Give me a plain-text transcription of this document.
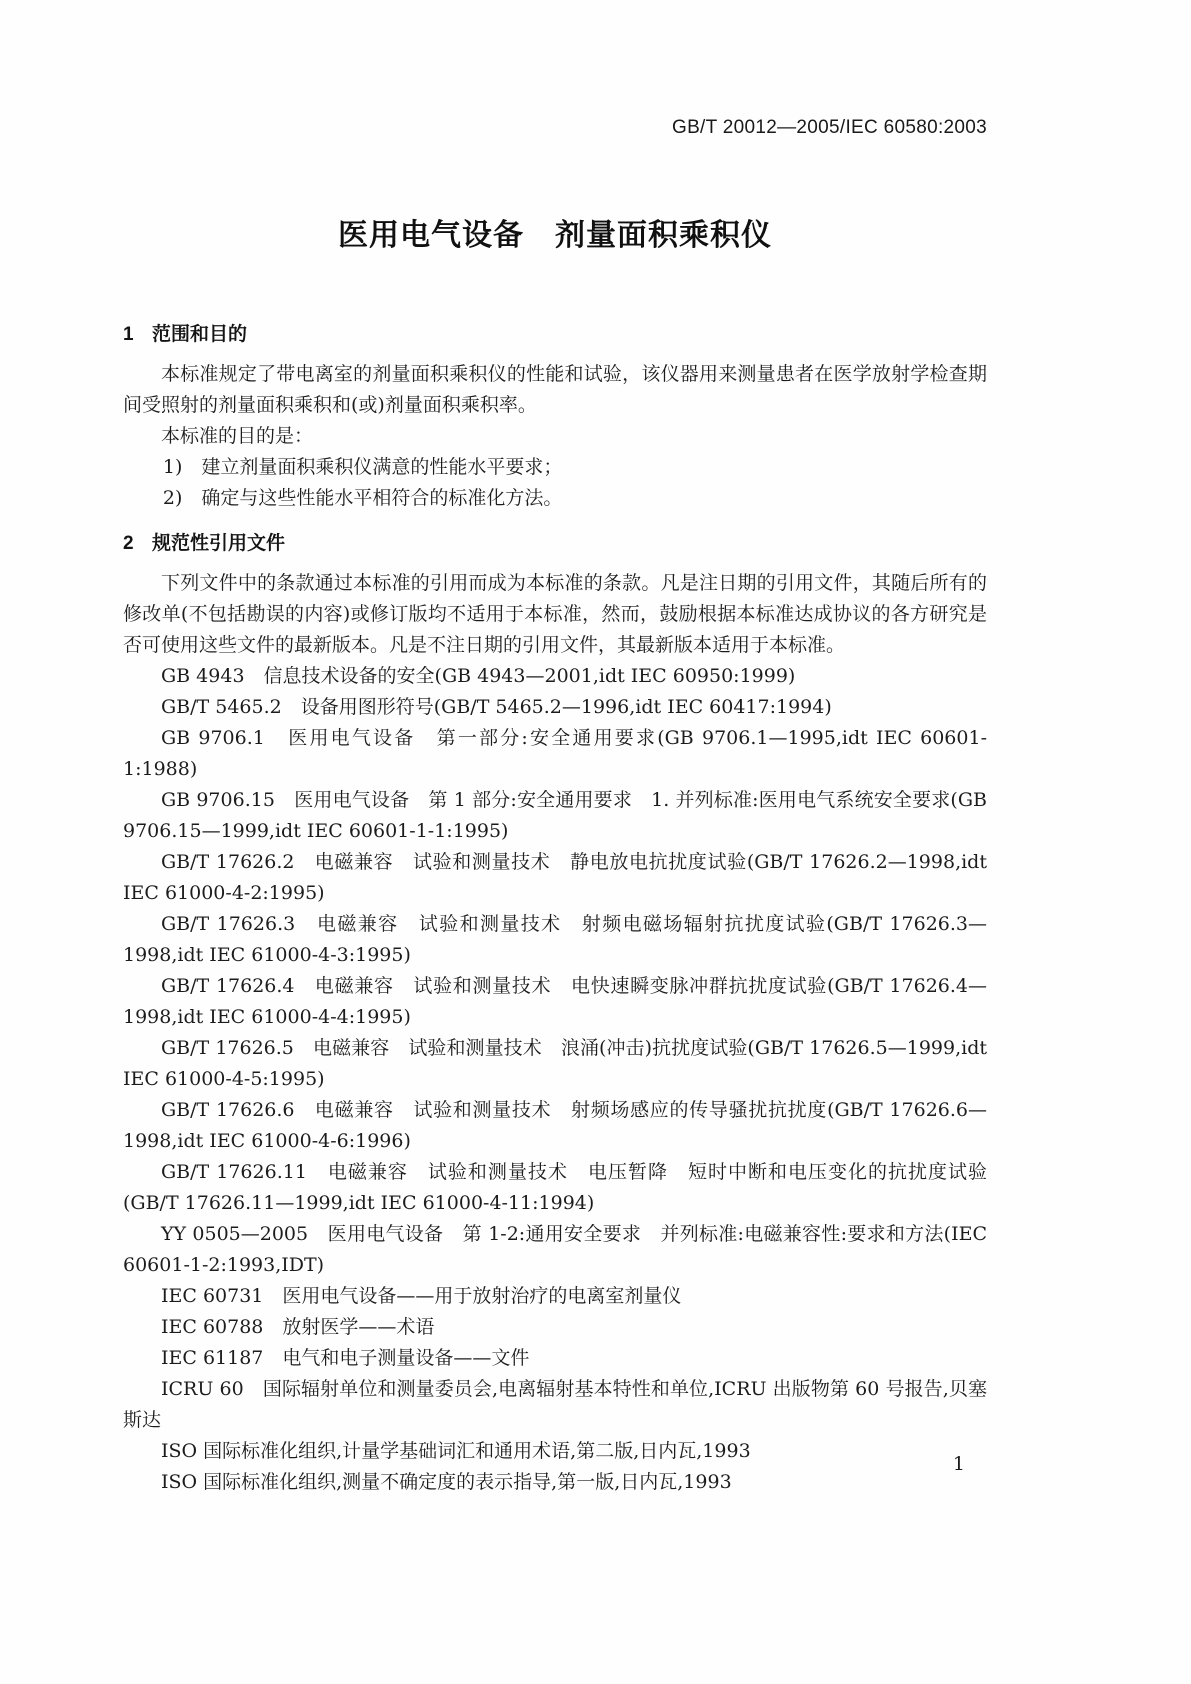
GB/T 20012—2005/IEC 60580:2003
医用电气设备　剂量面积乘积仪
1 范围和目的

本标准规定了带电离室的剂量面积乘积仪的性能和试验，该仪器用来测量患者在医学放射学检查期间受照射的剂量面积乘积和(或)剂量面积乘积率。

本标准的目的是：

1)　建立剂量面积乘积仪满意的性能水平要求；

2)　确定与这些性能水平相符合的标准化方法。

2 规范性引用文件

下列文件中的条款通过本标准的引用而成为本标准的条款。凡是注日期的引用文件，其随后所有的修改单(不包括勘误的内容)或修订版均不适用于本标准，然而，鼓励根据本标准达成协议的各方研究是否可使用这些文件的最新版本。凡是不注日期的引用文件，其最新版本适用于本标准。

GB 4943　信息技术设备的安全(GB 4943—2001,idt IEC 60950:1999)

GB/T 5465.2　设备用图形符号(GB/T 5465.2—1996,idt IEC 60417:1994)

GB 9706.1　医用电气设备　第一部分:安全通用要求(GB 9706.1—1995,idt IEC 60601-1:1988)

GB 9706.15　医用电气设备　第 1 部分:安全通用要求　1. 并列标准:医用电气系统安全要求(GB 9706.15—1999,idt IEC 60601-1-1:1995)

GB/T 17626.2　电磁兼容　试验和测量技术　静电放电抗扰度试验(GB/T 17626.2—1998,idt IEC 61000-4-2:1995)

GB/T 17626.3　电磁兼容　试验和测量技术　射频电磁场辐射抗扰度试验(GB/T 17626.3—1998,idt IEC 61000-4-3:1995)

GB/T 17626.4　电磁兼容　试验和测量技术　电快速瞬变脉冲群抗扰度试验(GB/T 17626.4—1998,idt IEC 61000-4-4:1995)

GB/T 17626.5　电磁兼容　试验和测量技术　浪涌(冲击)抗扰度试验(GB/T 17626.5—1999,idt IEC 61000-4-5:1995)

GB/T 17626.6　电磁兼容　试验和测量技术　射频场感应的传导骚扰抗扰度(GB/T 17626.6—1998,idt IEC 61000-4-6:1996)

GB/T 17626.11　电磁兼容　试验和测量技术　电压暂降　短时中断和电压变化的抗扰度试验(GB/T 17626.11—1999,idt IEC 61000-4-11:1994)

YY 0505—2005　医用电气设备　第 1-2:通用安全要求　并列标准:电磁兼容性:要求和方法(IEC 60601-1-2:1993,IDT)

IEC 60731　医用电气设备——用于放射治疗的电离室剂量仪

IEC 60788　放射医学——术语

IEC 61187　电气和电子测量设备——文件

ICRU 60　国际辐射单位和测量委员会,电离辐射基本特性和单位,ICRU 出版物第 60 号报告,贝塞斯达

ISO 国际标准化组织,计量学基础词汇和通用术语,第二版,日内瓦,1993

ISO 国际标准化组织,测量不确定度的表示指导,第一版,日内瓦,1993

1
